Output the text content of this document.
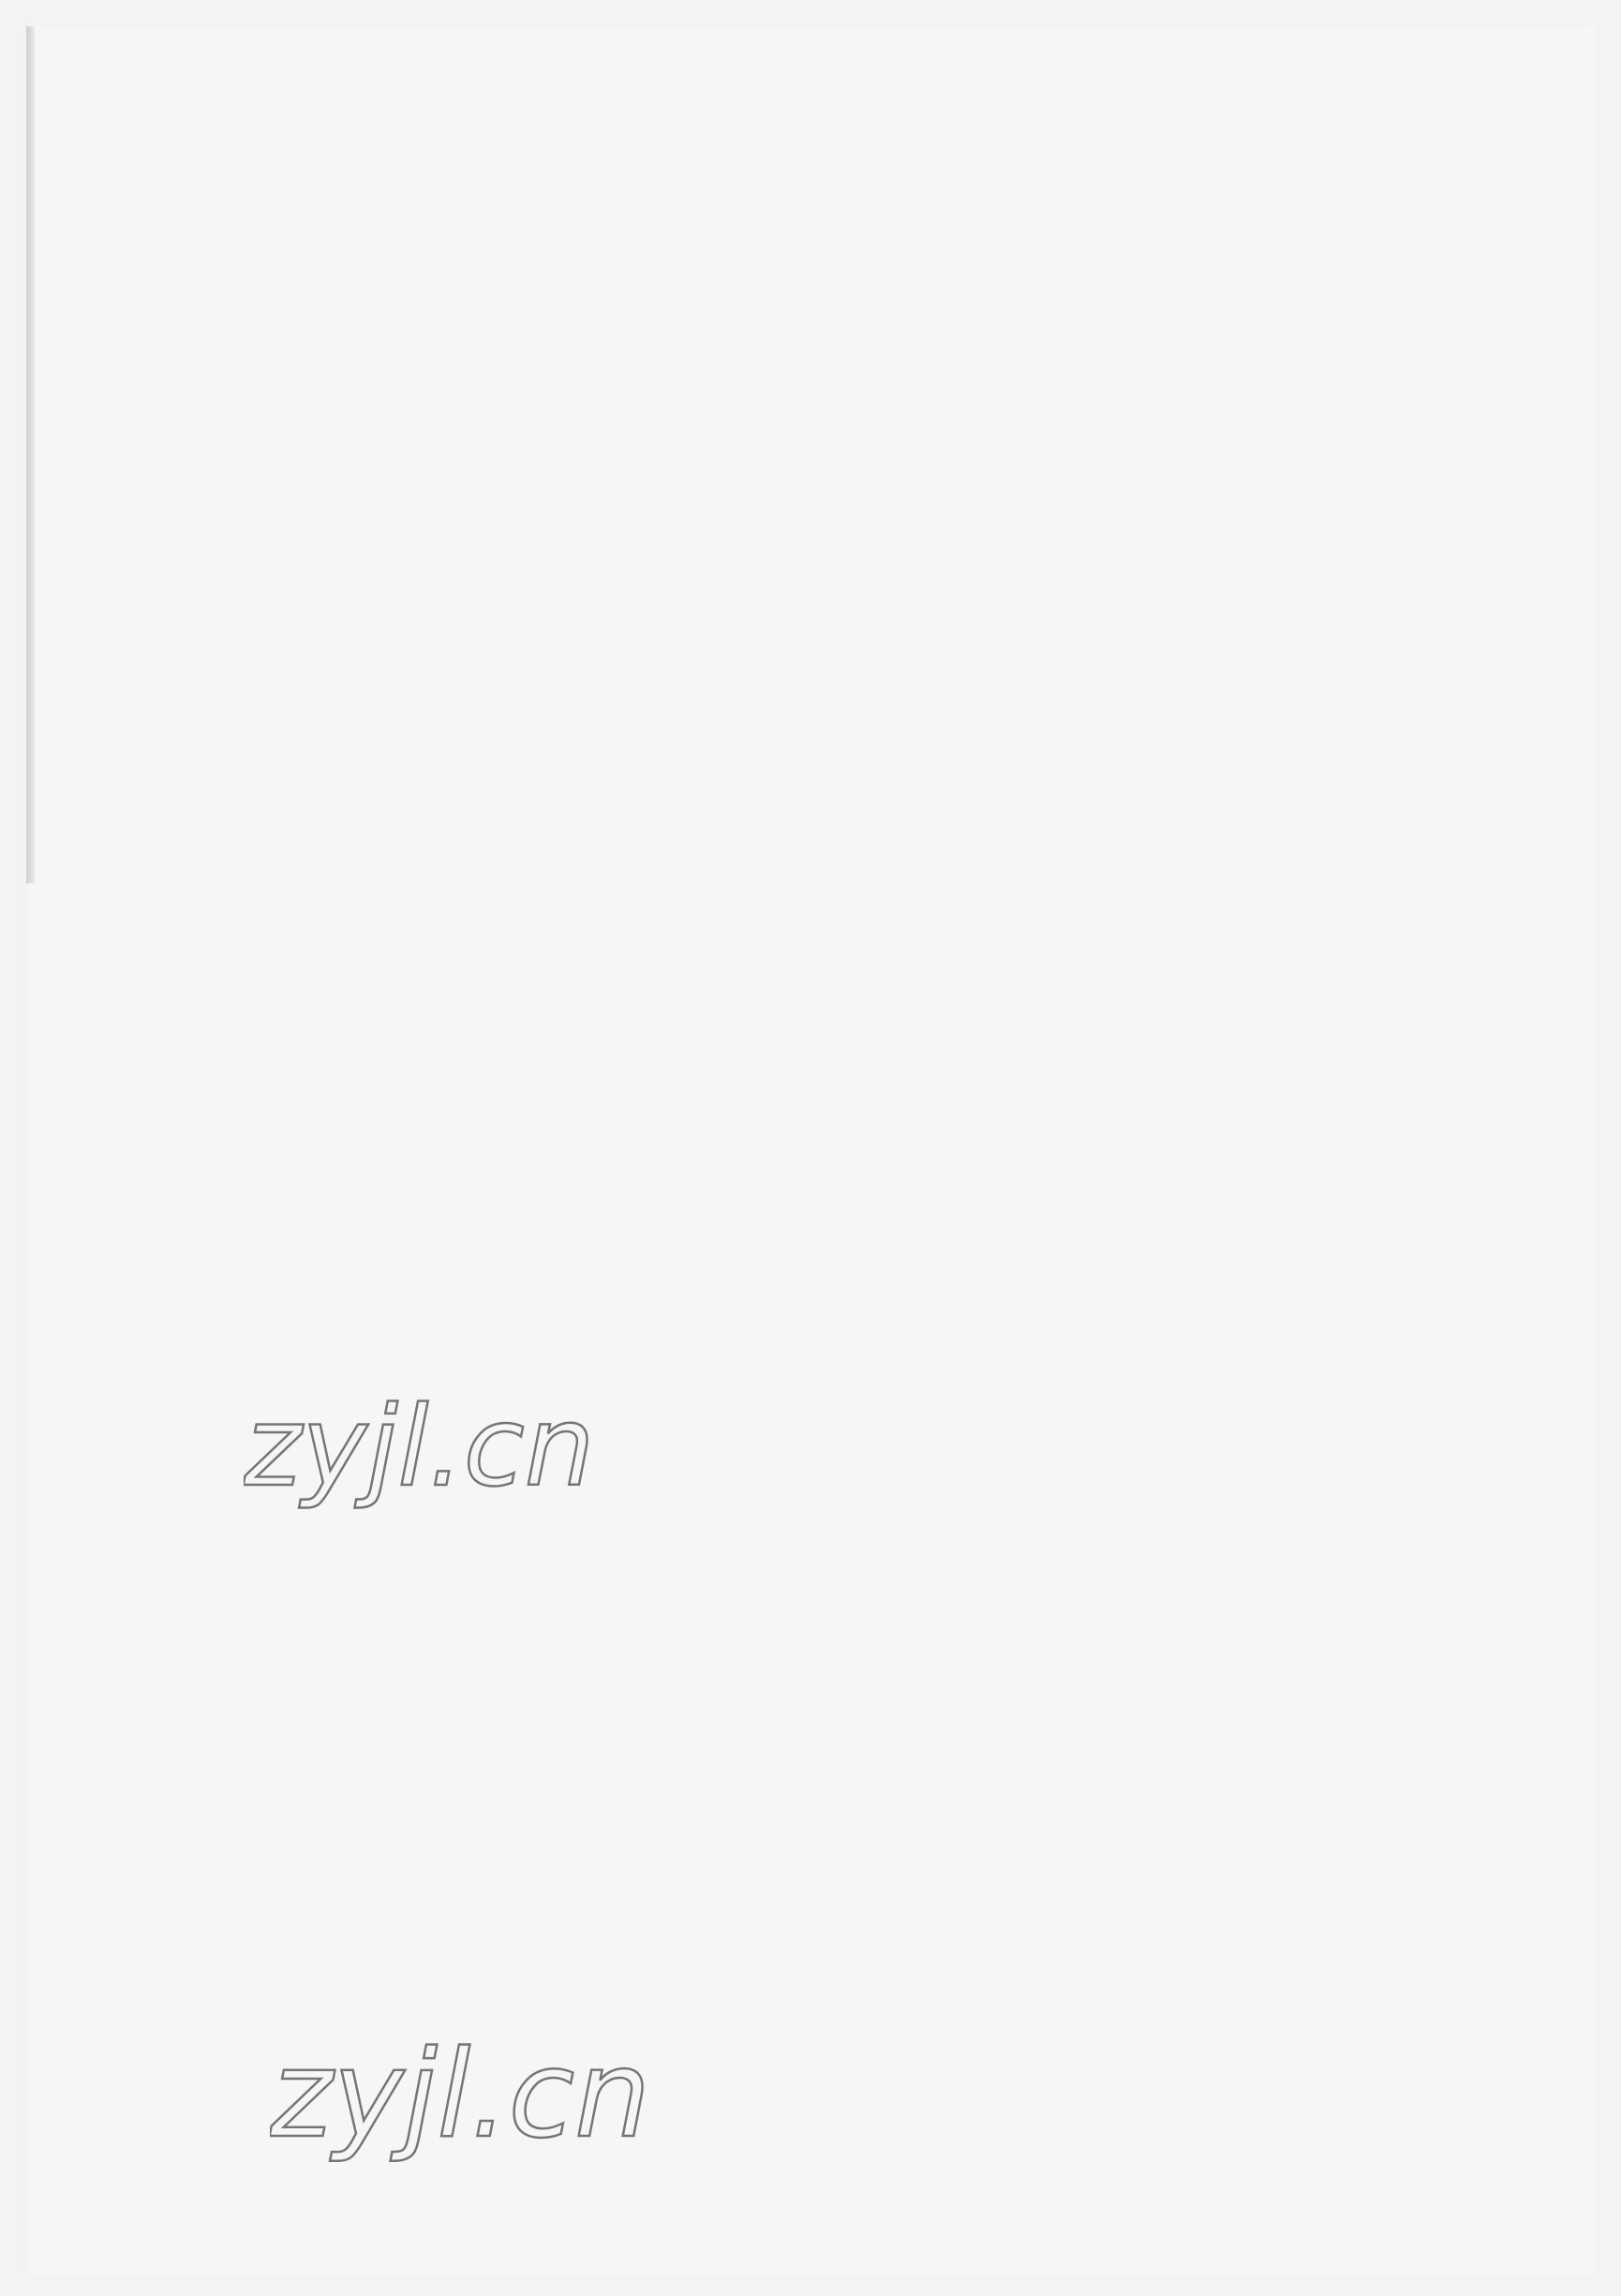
zyjl.cn
zyjl.cn
